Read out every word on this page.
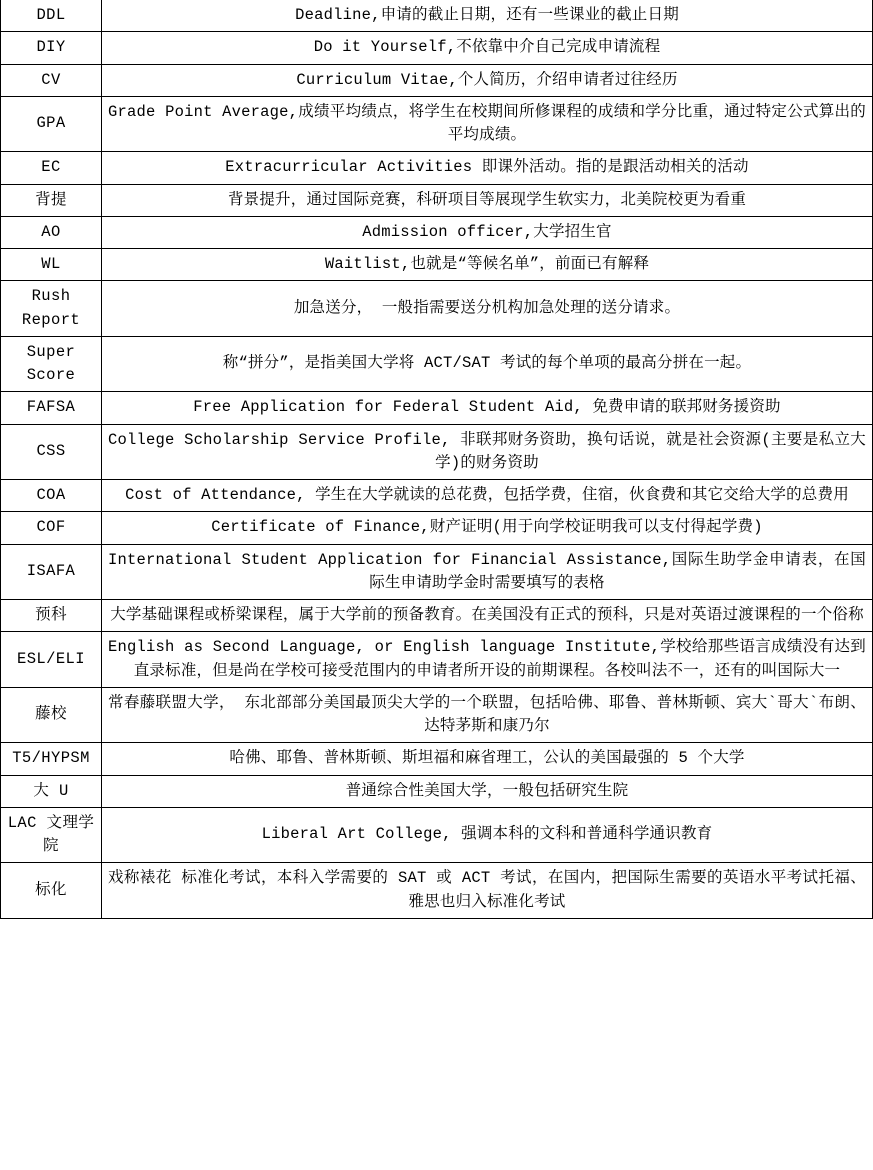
DDL	Deadline,申请的截止日期，还有一些课业的截止日期
DIY	Do it Yourself,不依靠中介自己完成申请流程
CV	Curriculum Vitae,个人简历，介绍申请者过往经历
GPA	Grade Point Average,成绩平均绩点，将学生在校期间所修课程的成绩和学分比重，通过特定公式算出的平均成绩。
EC	Extracurricular Activities 即课外活动。指的是跟活动相关的活动
背提	背景提升，通过国际竞赛，科研项目等展现学生软实力，北美院校更为看重
AO	Admission officer,大学招生官
WL	Waitlist,也就是“等候名单”，前面已有解释
Rush Report	加急送分， 一般指需要送分机构加急处理的送分请求。
Super Score	称“拼分”，是指美国大学将 ACT/SAT 考试的每个单项的最高分拼在一起。
FAFSA	Free Application for Federal Student Aid, 免费申请的联邦财务援资助
CSS	College Scholarship Service Profile, 非联邦财务资助，换句话说，就是社会资源(主要是私立大学)的财务资助
COA	Cost of Attendance, 学生在大学就读的总花费，包括学费，住宿，伙食费和其它交给大学的总费用
COF	Certificate of Finance,财产证明(用于向学校证明我可以支付得起学费)
ISAFA	International Student Application for Financial Assistance,国际生助学金申请表，在国际生申请助学金时需要填写的表格
预科	大学基础课程或桥梁课程，属于大学前的预备教育。在美国没有正式的预科，只是对英语过渡课程的一个俗称
ESL/ELI	English as Second Language, or English language Institute,学校给那些语言成绩没有达到直录标准，但是尚在学校可接受范围内的申请者所开设的前期课程。各校叫法不一，还有的叫国际大一
藤校	常春藤联盟大学， 东北部部分美国最顶尖大学的一个联盟，包括哈佛、耶鲁、普林斯顿、宾大`哥大`布朗、达特茅斯和康乃尔
T5/HYPSM	哈佛、耶鲁、普林斯顿、斯坦福和麻省理工，公认的美国最强的 5 个大学
大 U	普通综合性美国大学，一般包括研究生院
LAC 文理学院	Liberal Art College, 强调本科的文科和普通科学通识教育
标化	戏称裱花 标准化考试，本科入学需要的 SAT 或 ACT 考试，在国内，把国际生需要的英语水平考试托福、雅思也归入标准化考试
